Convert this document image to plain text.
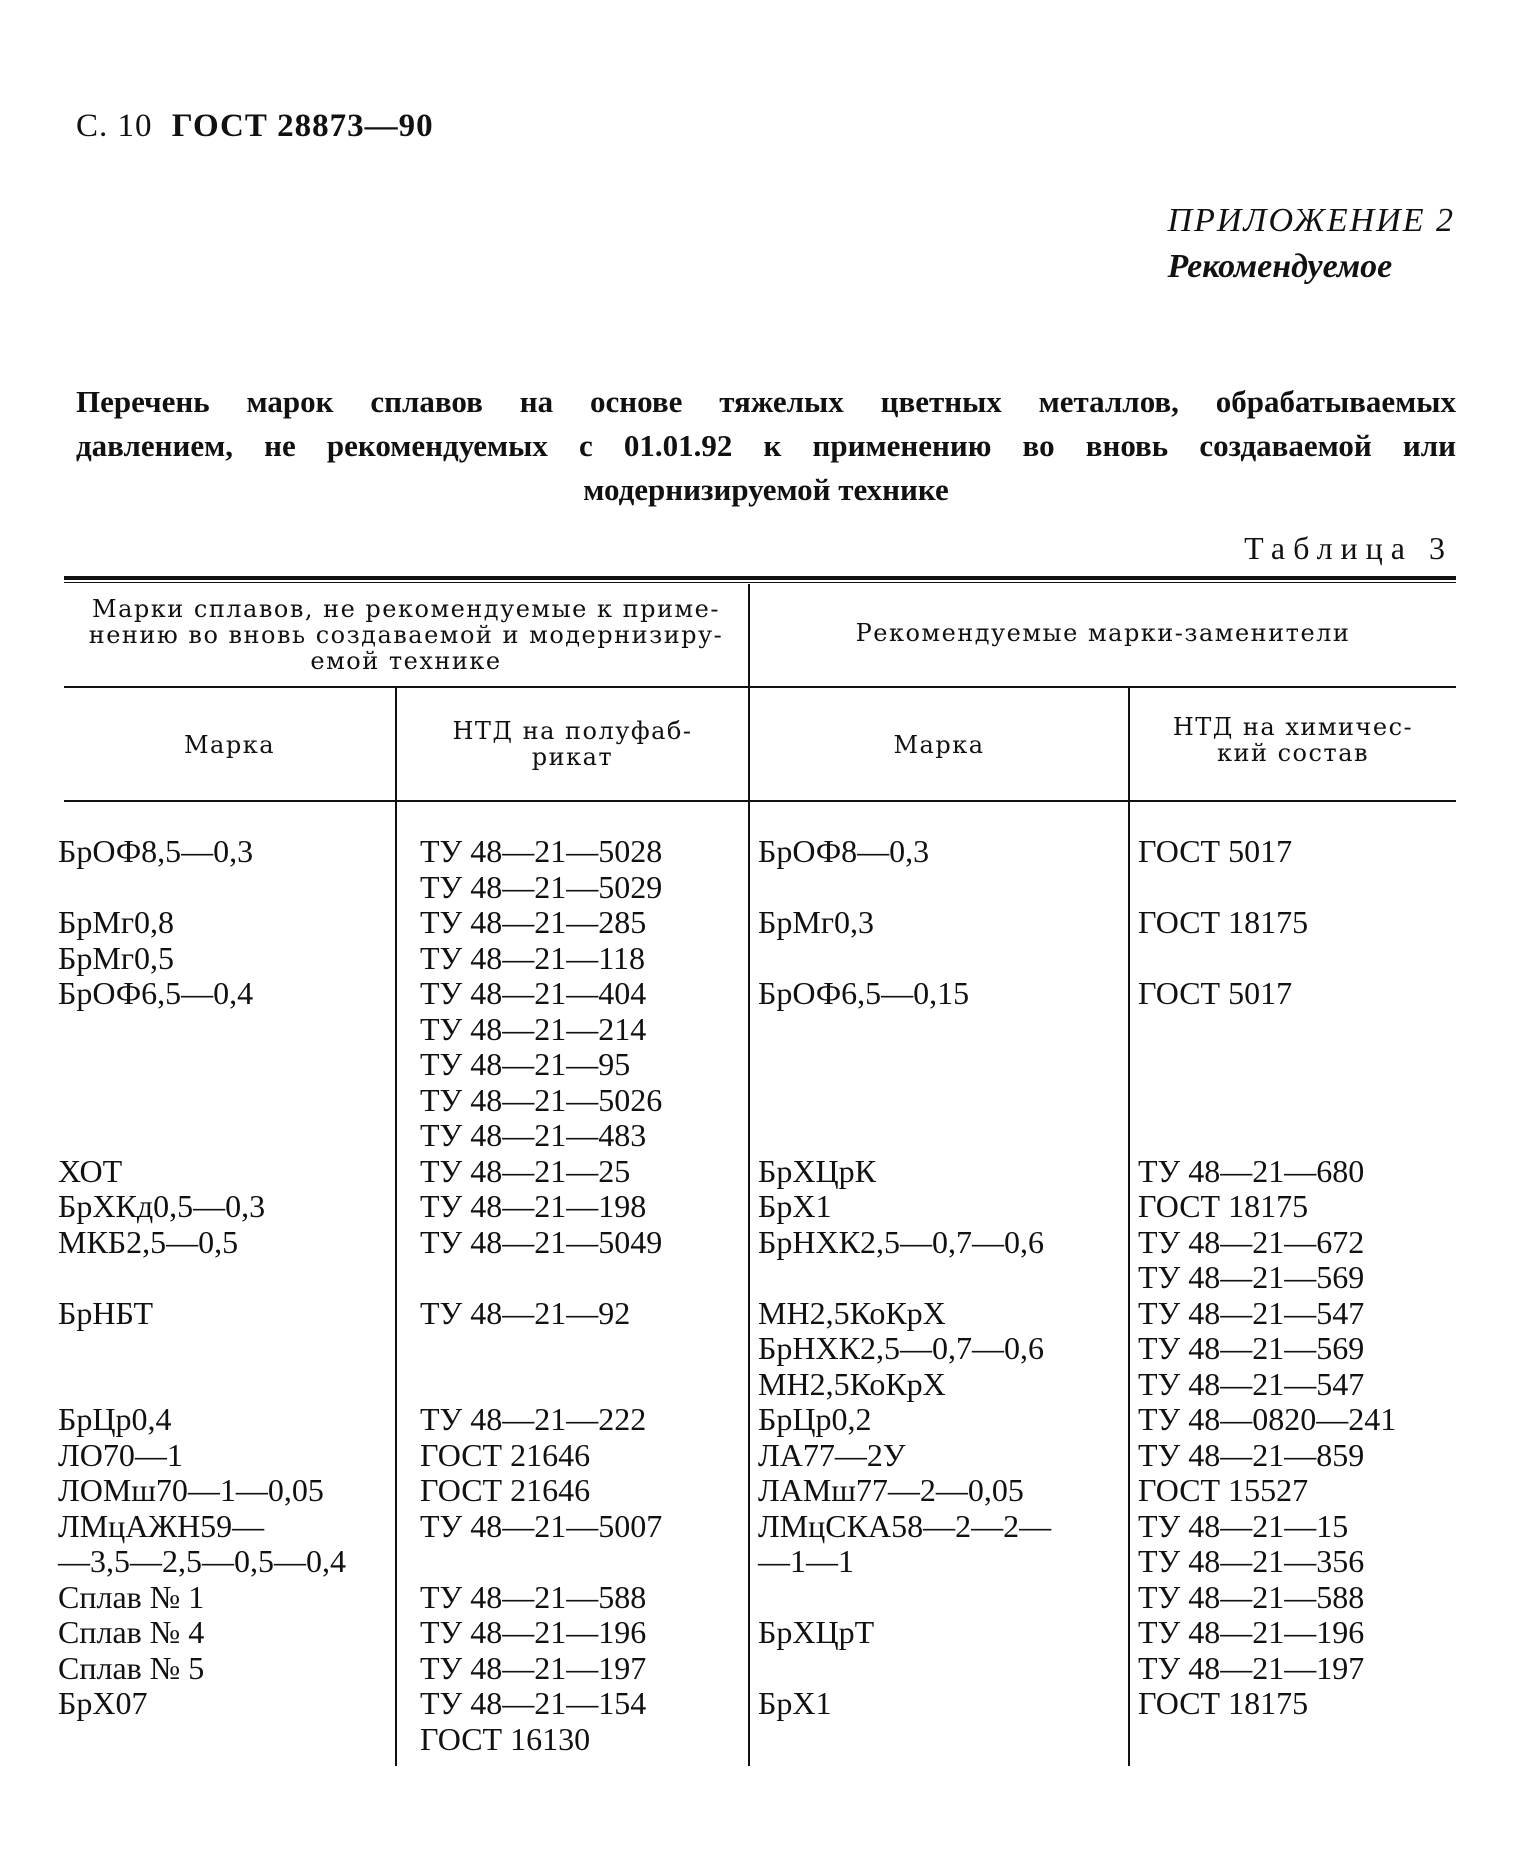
С. 10 ГОСТ 28873—90
ПРИЛОЖЕНИЕ 2
Рекомендуемое
Перечень марок сплавов на основе тяжелых цветных металлов, обрабатываемых
давлением, не рекомендуемых с 01.01.92 к применению во вновь создаваемой или
модернизируемой технике
Таблица 3
Марки сплавов, не рекомендуемые к приме-
нению во вновь создаваемой и модернизиру-
емой технике
Рекомендуемые марки-заменители
Марка	НТД на полуфаб-
рикат	Марка
НТД на химичес-
кий состав
БрОФ8,5—0,3
БрМг0,8
БрМг0,5
БрОФ6,5—0,4
ХОТ
БрХКд0,5—0,3
МКБ2,5—0,5
БрНБТ
БрЦр0,4
ЛО70—1
ЛОМш70—1—0,05
ЛМцАЖН59—
—3,5—2,5—0,5—0,4
Сплав № 1
Сплав № 4
Сплав № 5
БрХ07
ТУ 48—21—5028
ТУ 48—21—5029
ТУ 48—21—285
ТУ 48—21—118
ТУ 48—21—404
ТУ 48—21—214
ТУ 48—21—95
ТУ 48—21—5026
ТУ 48—21—483
ТУ 48—21—25
ТУ 48—21—198
ТУ 48—21—5049
ТУ 48—21—92
ТУ 48—21—222
ГОСТ 21646
ГОСТ 21646
ТУ 48—21—5007
ТУ 48—21—588
ТУ 48—21—196
ТУ 48—21—197
ТУ 48—21—154
ГОСТ 16130
БрОФ8—0,3
БрМг0,3
БрОФ6,5—0,15
БрХЦрК
БрХ1
БрНХК2,5—0,7—0,6
МН2,5КоКрХ
БрНХК2,5—0,7—0,6
МН2,5КоКрХ
БрЦр0,2
ЛА77—2У
ЛАМш77—2—0,05
ЛМцСКА58—2—2—
—1—1
БрХЦрТ
БрХ1
ГОСТ 5017
ГОСТ 18175
ГОСТ 5017
ТУ 48—21—680
ГОСТ 18175
ТУ 48—21—672
ТУ 48—21—569
ТУ 48—21—547
ТУ 48—21—569
ТУ 48—21—547
ТУ 48—0820—241
ТУ 48—21—859
ГОСТ 15527
ТУ 48—21—15
ТУ 48—21—356
ТУ 48—21—588
ТУ 48—21—196
ТУ 48—21—197
ГОСТ 18175
